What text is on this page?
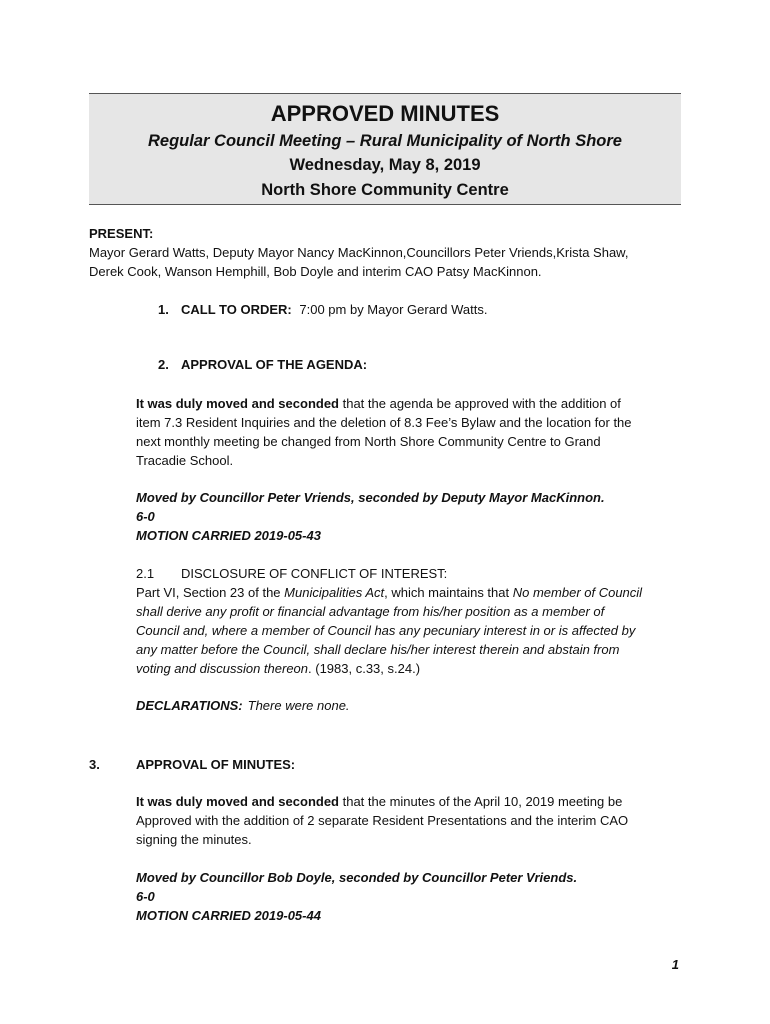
APPROVED MINUTES
Regular Council Meeting – Rural Municipality of North Shore
Wednesday, May 8, 2019
North Shore Community Centre
PRESENT:
Mayor Gerard Watts, Deputy Mayor Nancy MacKinnon,Councillors Peter Vriends,Krista Shaw,
Derek Cook, Wanson Hemphill, Bob Doyle and interim CAO Patsy MacKinnon.
1. CALL TO ORDER: 7:00 pm by Mayor Gerard Watts.
2. APPROVAL OF THE AGENDA:
It was duly moved and seconded that the agenda be approved with the addition of
item 7.3 Resident Inquiries and the deletion of 8.3 Fee’s Bylaw and the location for the
next monthly meeting be changed from North Shore Community Centre to Grand
Tracadie School.
Moved by Councillor Peter Vriends, seconded by Deputy Mayor MacKinnon.
6-0
MOTION CARRIED 2019-05-43
2.1 DISCLOSURE OF CONFLICT OF INTEREST:
Part VI, Section 23 of the Municipalities Act, which maintains that No member of Council
shall derive any profit or financial advantage from his/her position as a member of
Council and, where a member of Council has any pecuniary interest in or is affected by
any matter before the Council, shall declare his/her interest therein and abstain from
voting and discussion thereon. (1983, c.33, s.24.)
DECLARATIONS: There were none.
3.	APPROVAL OF MINUTES:
It was duly moved and seconded that the minutes of the April 10, 2019 meeting be
Approved with the addition of 2 separate Resident Presentations and the interim CAO
signing the minutes.
Moved by Councillor Bob Doyle, seconded by Councillor Peter Vriends.
6-0
MOTION CARRIED 2019-05-44
1
